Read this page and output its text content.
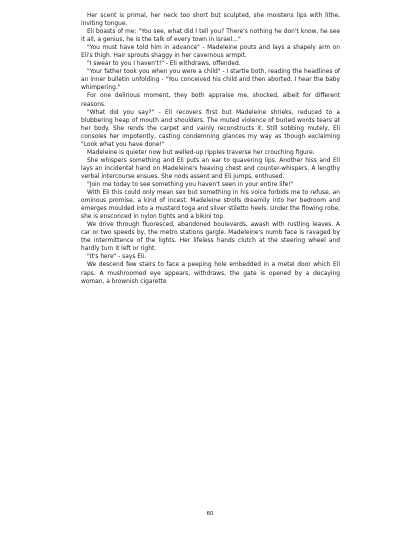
Her scent is primal, her neck too short but sculpted, she moistens lips with lithe, inviting tongue.

Eli boasts of me: "You see, what did I tell you? There's nothing he don't know, he see it all, a genius, he is the talk of every town in Israel…"

"You must have told him in advance" - Madeleine pouts and lays a shapely arm on Eli's thigh. Hair sprouts shaggy in her cavernous armpit.

"I swear to you I haven't!" - Eli withdraws, offended.

"Your father took you when you were a child" - I startle both, reading the headlines of an inner bulletin unfolding - "You conceived his child and then aborted. I hear the baby whimpering."

For one delirious moment, they both appraise me, shocked, albeit for different reasons.

"What did you say?" - Eli recovers first but Madeleine shrieks, reduced to a blubbering heap of mouth and shoulders. The muted violence of buried words tears at her body. She rends the carpet and vainly reconstructs it. Still sobbing mutely, Eli consoles her impotently, casting condemning glances my way as though exclaiming "Look what you have done!"

Madeleine is quieter now but welled-up ripples traverse her crouching figure.

She whispers something and Eli puts an ear to quavering lips. Another hiss and Eli lays an incidental hand on Madeleine's heaving chest and counter-whispers. A lengthy verbal intercourse ensues. She nods assent and Eli jumps, enthused.

"Join me today to see something you haven't seen in your entire life!"

With Eli this could only mean sex but something in his voice forbids me to refuse, an ominous promise, a kind of incest. Madeleine strolls dreamily into her bedroom and emerges moulded into a mustard toga and silver stiletto heels. Under the flowing robe, she is ensconced in nylon tights and a bikini top.

We drive through fluoresced, abandoned boulevards, awash with rustling leaves. A car or two speeds by, the metro stations gargle. Madeleine's numb face is ravaged by the intermittence of the lights. Her lifeless hands clutch at the steering wheel and hardly turn it left or right.

"It's here" - says Eli.

We descend few stairs to face a peeping hole embedded in a metal door which Eli raps. A mushroomed eye appears, withdraws, the gate is opened by a decaying woman, a brownish cigarette

60
